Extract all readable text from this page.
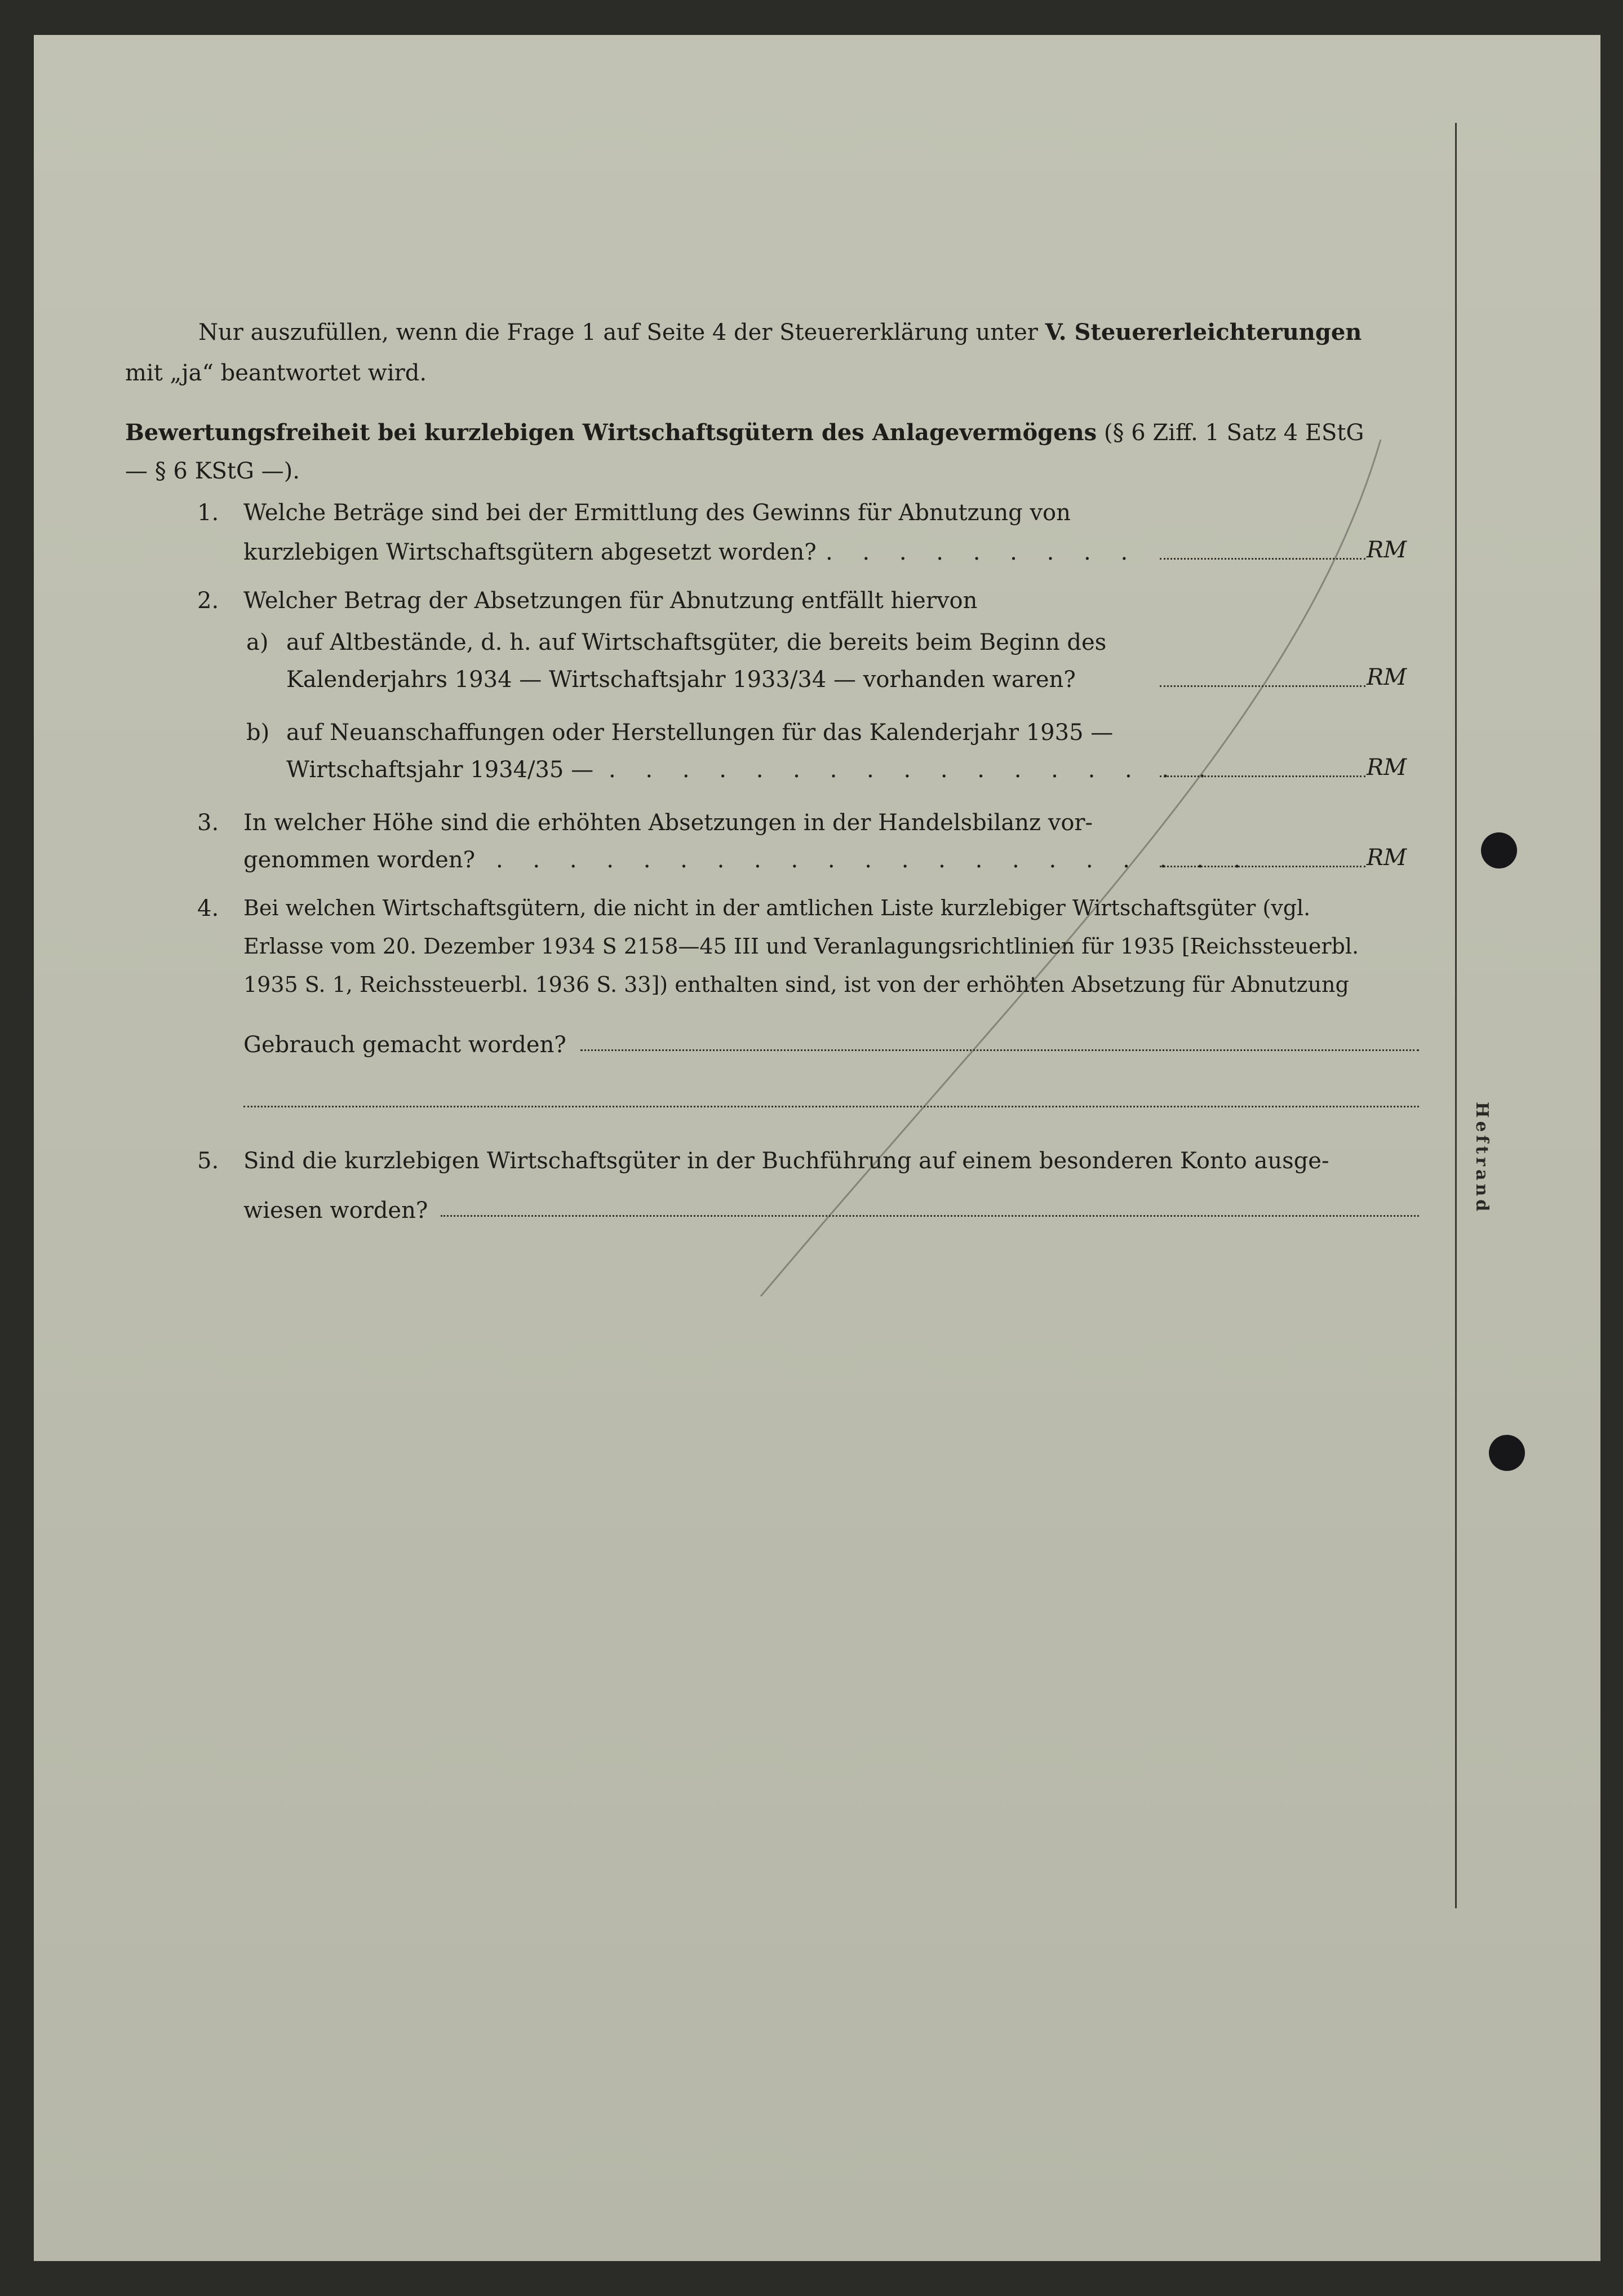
Heftrand
Nur auszufüllen, wenn die Frage 1 auf Seite 4 der Steuererklärung unter V. Steuererleichterungen
mit „ja“ beantwortet wird.
Bewertungsfreiheit bei kurzlebigen Wirtschaftsgütern des Anlagevermögens (§ 6 Ziff. 1 Satz 4 EStG
— § 6 KStG —).
1. Welche Beträge sind bei der Ermittlung des Gewinns für Abnutzung von
kurzlebigen Wirtschaftsgütern abgesetzt worden? . . . . . . . . .	RM
2. Welcher Betrag der Absetzungen für Abnutzung entfällt hiervon
a) auf Altbestände, d. h. auf Wirtschaftsgüter, die bereits beim Beginn des
Kalenderjahrs 1934 — Wirtschaftsjahr 1933/34 — vorhanden waren?	RM
b) auf Neuanschaffungen oder Herstellungen für das Kalenderjahr 1935 —
Wirtschaftsjahr 1934/35 — . . . . . . . . . . . . . . . . .	RM
3. In welcher Höhe sind die erhöhten Absetzungen in der Handelsbilanz vor-
genommen worden? . . . . . . . . . . . . . . . . . . . . .	RM
4. Bei welchen Wirtschaftsgütern, die nicht in der amtlichen Liste kurzlebiger Wirtschaftsgüter (vgl.
Erlasse vom 20. Dezember 1934 S 2158—45 III und Veranlagungsrichtlinien für 1935 [Reichssteuerbl.
1935 S. 1, Reichssteuerbl. 1936 S. 33]) enthalten sind, ist von der erhöhten Absetzung für Abnutzung
Gebrauch gemacht worden?
5. Sind die kurzlebigen Wirtschaftsgüter in der Buchführung auf einem besonderen Konto ausge-
wiesen worden?
